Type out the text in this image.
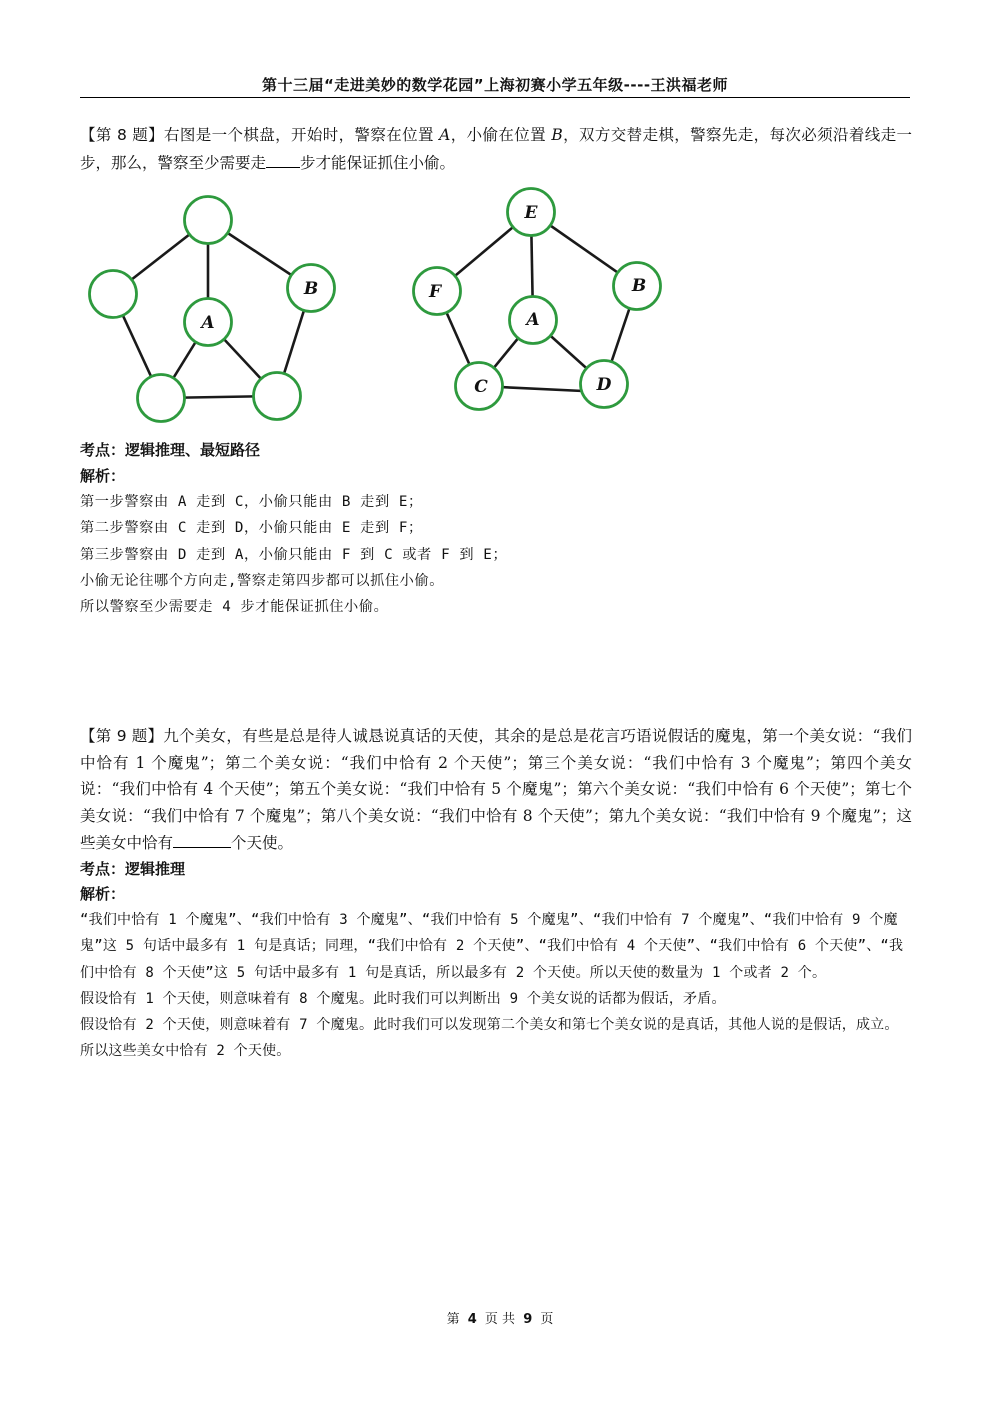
第十三届“走进美妙的数学花园”上海初赛小学五年级----王洪福老师
【第 8 题】右图是一个棋盘，开始时，警察在位置 A，小偷在位置 B，双方交替走棋，警察先走，每次必须沿着线走一步，那么，警察至少需要走 步才能保证抓住小偷。
B
A
E
F	B
A
C	D
考点：逻辑推理、最短路径
解析：
第一步警察由 A 走到 C，小偷只能由 B 走到 E；
第二步警察由 C 走到 D，小偷只能由 E 走到 F；
第三步警察由 D 走到 A，小偷只能由 F 到 C 或者 F 到 E；
小偷无论往哪个方向走,警察走第四步都可以抓住小偷。
所以警察至少需要走 4 步才能保证抓住小偷。
【第 9 题】九个美女，有些是总是待人诚恳说真话的天使，其余的是总是花言巧语说假话的魔鬼，第一个美女说：“我们中恰有 1 个魔鬼”；第二个美女说：“我们中恰有 2 个天使”；第三个美女说：“我们中恰有 3 个魔鬼”；第四个美女说：“我们中恰有 4 个天使”；第五个美女说：“我们中恰有 5 个魔鬼”；第六个美女说：“我们中恰有 6 个天使”；第七个美女说：“我们中恰有 7 个魔鬼”；第八个美女说：“我们中恰有 8 个天使”；第九个美女说：“我们中恰有 9 个魔鬼”；这些美女中恰有	个天使。
考点：逻辑推理
解析：
“我们中恰有 1 个魔鬼”、“我们中恰有 3 个魔鬼”、“我们中恰有 5 个魔鬼”、“我们中恰有 7 个魔鬼”、“我们中恰有 9 个魔鬼”这 5 句话中最多有 1 句是真话；同理，“我们中恰有 2 个天使”、“我们中恰有 4 个天使”、“我们中恰有 6 个天使”、“我们中恰有 8 个天使”这 5 句话中最多有 1 句是真话，所以最多有 2 个天使。所以天使的数量为 1 个或者 2 个。
假设恰有 1 个天使，则意味着有 8 个魔鬼。此时我们可以判断出 9 个美女说的话都为假话，矛盾。
假设恰有 2 个天使，则意味着有 7 个魔鬼。此时我们可以发现第二个美女和第七个美女说的是真话，其他人说的是假话，成立。
所以这些美女中恰有 2 个天使。
第 4 页 共 9 页
